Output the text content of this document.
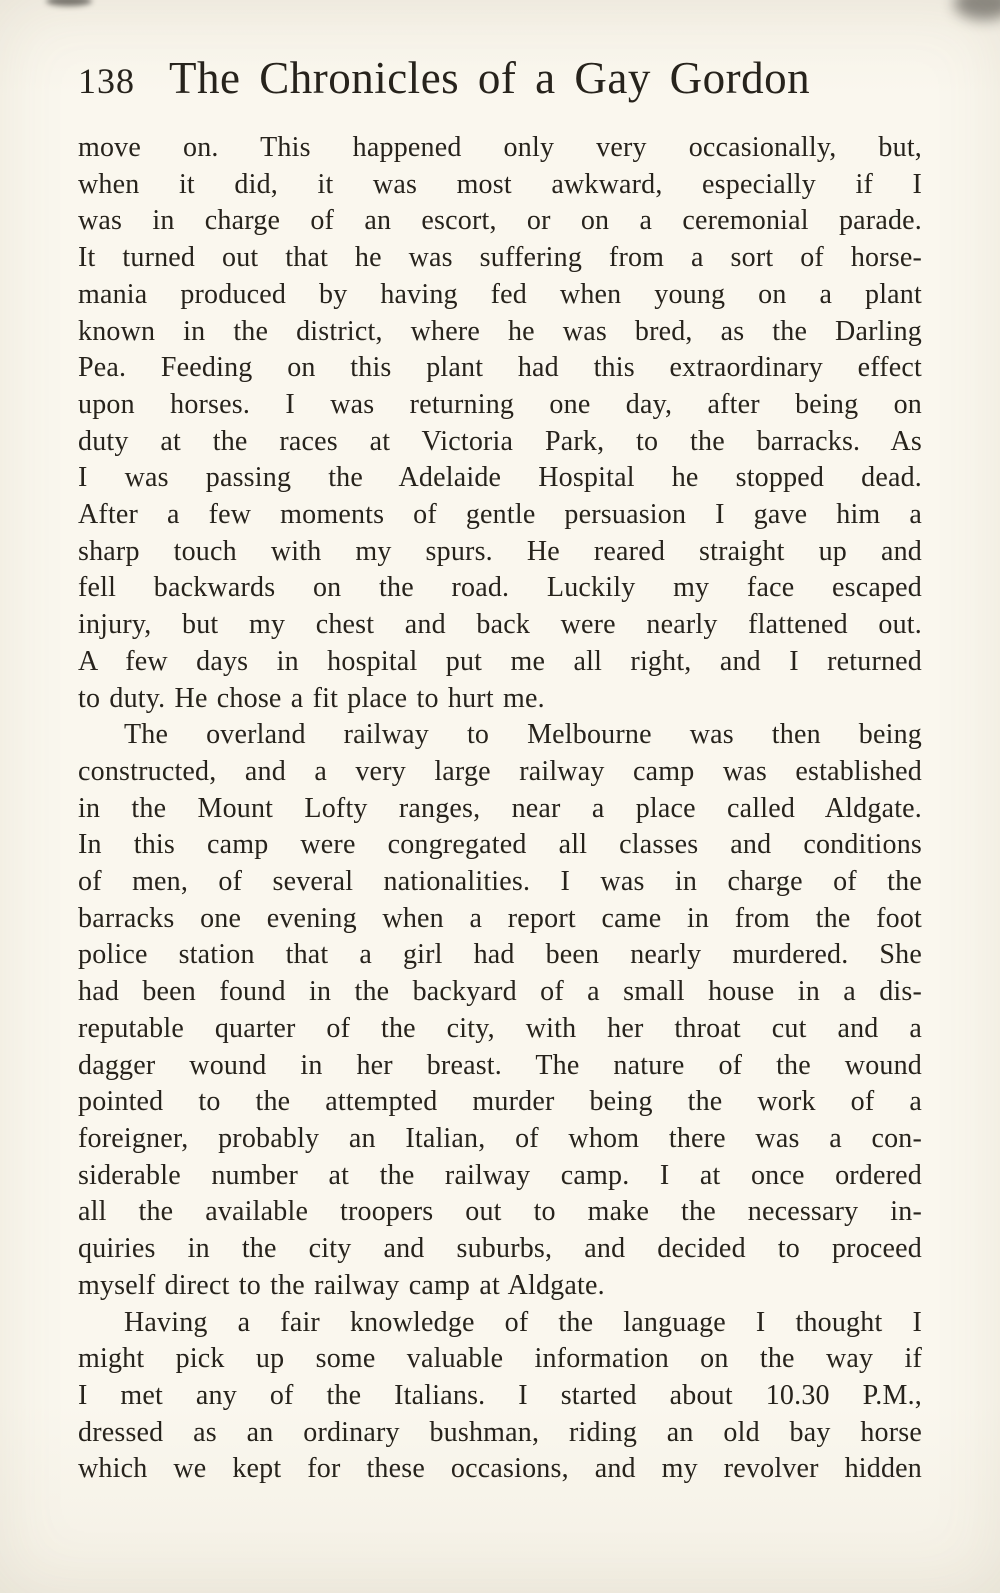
138 The Chronicles of a Gay Gordon

move on. This happened only very occasionally, but,
when it did, it was most awkward, especially if I
was in charge of an escort, or on a ceremonial parade.
It turned out that he was suffering from a sort of horse-
mania produced by having fed when young on a plant
known in the district, where he was bred, as the Darling
Pea. Feeding on this plant had this extraordinary effect
upon horses. I was returning one day, after being on
duty at the races at Victoria Park, to the barracks. As
I was passing the Adelaide Hospital he stopped dead.
After a few moments of gentle persuasion I gave him a
sharp touch with my spurs. He reared straight up and
fell backwards on the road. Luckily my face escaped
injury, but my chest and back were nearly flattened out.
A few days in hospital put me all right, and I returned
to duty. He chose a fit place to hurt me.

The overland railway to Melbourne was then being
constructed, and a very large railway camp was established
in the Mount Lofty ranges, near a place called Aldgate.
In this camp were congregated all classes and conditions
of men, of several nationalities. I was in charge of the
barracks one evening when a report came in from the foot
police station that a girl had been nearly murdered. She
had been found in the backyard of a small house in a dis-
reputable quarter of the city, with her throat cut and a
dagger wound in her breast. The nature of the wound
pointed to the attempted murder being the work of a
foreigner, probably an Italian, of whom there was a con-
siderable number at the railway camp. I at once ordered
all the available troopers out to make the necessary in-
quiries in the city and suburbs, and decided to proceed
myself direct to the railway camp at Aldgate.

Having a fair knowledge of the language I thought I
might pick up some valuable information on the way if
I met any of the Italians. I started about 10.30 P.M.,
dressed as an ordinary bushman, riding an old bay horse
which we kept for these occasions, and my revolver hidden
